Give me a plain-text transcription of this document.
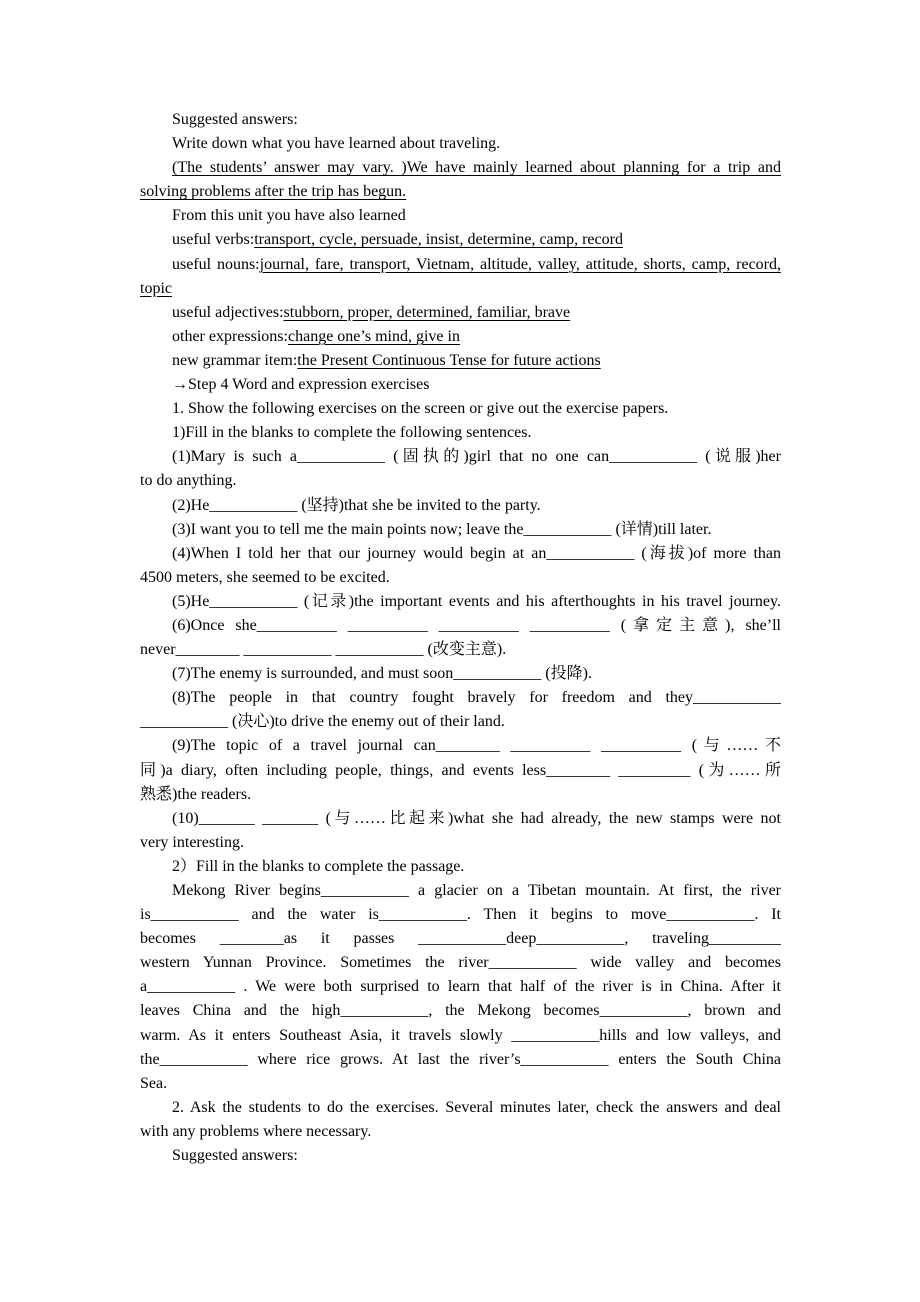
Suggested answers:

Write down what you have learned about traveling.

(The students’ answer may vary. )We have mainly learned about planning for a trip and

solving problems after the trip has begun.

From this unit you have also learned

useful verbs:transport, cycle, persuade, insist, determine, camp, record

useful nouns:journal, fare, transport, Vietnam, altitude, valley, attitude, shorts, camp, record,

topic

useful adjectives:stubborn, proper, determined, familiar, brave

other expressions:change one’s mind, give in

new grammar item:the Present Continuous Tense for future actions

→Step 4 Word and expression exercises

1. Show the following exercises on the screen or give out the exercise papers.

1)Fill in the blanks to complete the following sentences.

(1)Mary is such a___________ (固执的)girl that no one can___________ (说服)her

to do anything.

(2)He___________ (坚持)that she be invited to the party.

(3)I want you to tell me the main points now; leave the___________ (详情)till later.

(4)When I told her that our journey would begin at an___________ (海拔)of more than

4500 meters, she seemed to be excited.

(5)He___________ (记录)the important events and his afterthoughts in his travel journey.

(6)Once she__________ __________ __________ __________ (拿定主意), she’ll

never________ ___________ ___________ (改变主意).

(7)The enemy is surrounded, and must soon___________ (投降).

(8)The people in that country fought bravely for freedom and they___________

___________ (决心)to drive the enemy out of their land.

(9)The topic of a travel journal can________ __________ __________ (与……不

同)a diary, often including people, things, and events less________ _________ (为……所

熟悉)the readers.

(10)_______ _______ (与……比起来)what she had already, the new stamps were not

very interesting.

2）Fill in the blanks to complete the passage.

Mekong River begins___________ a glacier on a Tibetan mountain. At first, the river

is___________ and the water is___________. Then it begins to move___________. It

becomes ________as it passes ___________deep___________, traveling_________

western Yunnan Province. Sometimes the river___________ wide valley and becomes

a___________ . We were both surprised to learn that half of the river is in China. After it

leaves China and the high___________, the Mekong becomes___________, brown and

warm. As it enters Southeast Asia, it travels slowly ___________hills and low valleys, and

the___________ where rice grows. At last the river’s___________ enters the South China

Sea.

2. Ask the students to do the exercises. Several minutes later, check the answers and deal

with any problems where necessary.

Suggested answers:
